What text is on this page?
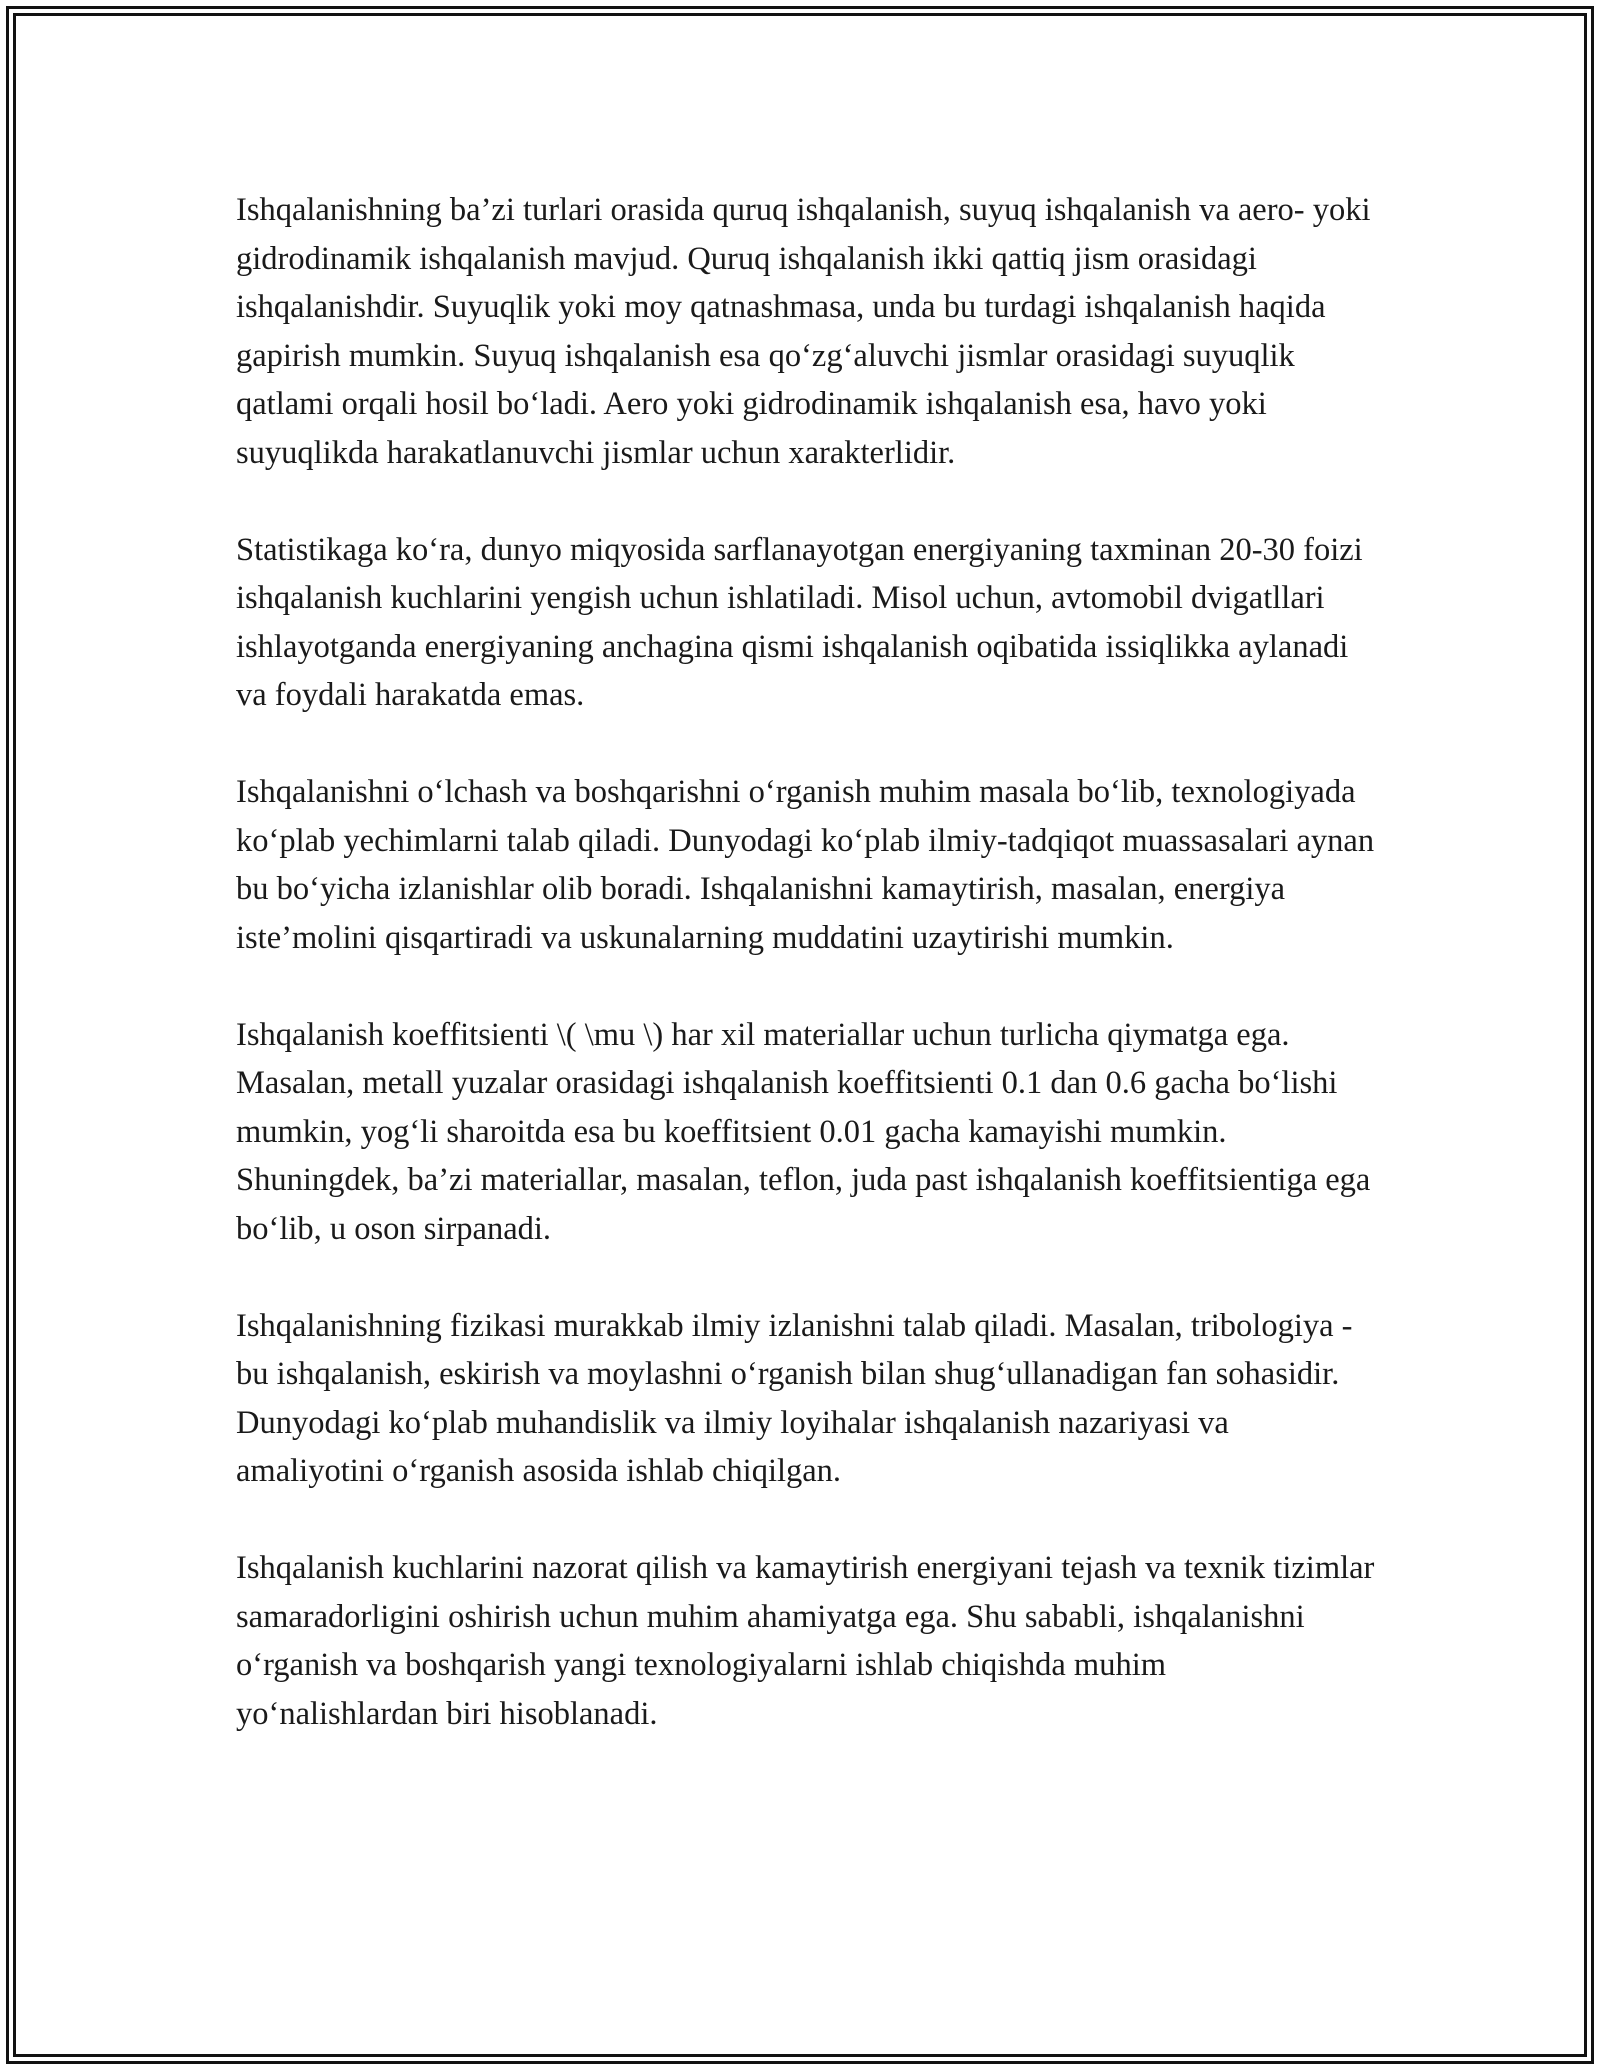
Ishqalanishning ba’zi turlari orasida quruq ishqalanish, suyuq ishqalanish va aero- yoki gidrodinamik ishqalanish mavjud. Quruq ishqalanish ikki qattiq jism orasidagi ishqalanishdir. Suyuqlik yoki moy qatnashmasa, unda bu turdagi ishqalanish haqida gapirish mumkin. Suyuq ishqalanish esa qo‘zg‘aluvchi jismlar orasidagi suyuqlik qatlami orqali hosil bo‘ladi. Aero yoki gidrodinamik ishqalanish esa, havo yoki suyuqlikda harakatlanuvchi jismlar uchun xarakterlidir.

Statistikaga ko‘ra, dunyo miqyosida sarflanayotgan energiyaning taxminan 20-30 foizi ishqalanish kuchlarini yengish uchun ishlatiladi. Misol uchun, avtomobil dvigatllari ishlayotganda energiyaning anchagina qismi ishqalanish oqibatida issiqlikka aylanadi va foydali harakatda emas.

Ishqalanishni o‘lchash va boshqarishni o‘rganish muhim masala bo‘lib, texnologiyada ko‘plab yechimlarni talab qiladi. Dunyodagi ko‘plab ilmiy-tadqiqot muassasalari aynan bu bo‘yicha izlanishlar olib boradi. Ishqalanishni kamaytirish, masalan, energiya iste’molini qisqartiradi va uskunalarning muddatini uzaytirishi mumkin.

Ishqalanish koeffitsienti \( \mu \) har xil materiallar uchun turlicha qiymatga ega. Masalan, metall yuzalar orasidagi ishqalanish koeffitsienti 0.1 dan 0.6 gacha bo‘lishi mumkin, yog‘li sharoitda esa bu koeffitsient 0.01 gacha kamayishi mumkin. Shuningdek, ba’zi materiallar, masalan, teflon, juda past ishqalanish koeffitsientiga ega bo‘lib, u oson sirpanadi.

Ishqalanishning fizikasi murakkab ilmiy izlanishni talab qiladi. Masalan, tribologiya - bu ishqalanish, eskirish va moylashni o‘rganish bilan shug‘ullanadigan fan sohasidir. Dunyodagi ko‘plab muhandislik va ilmiy loyihalar ishqalanish nazariyasi va amaliyotini o‘rganish asosida ishlab chiqilgan.

Ishqalanish kuchlarini nazorat qilish va kamaytirish energiyani tejash va texnik tizimlar samaradorligini oshirish uchun muhim ahamiyatga ega. Shu sababli, ishqalanishni o‘rganish va boshqarish yangi texnologiyalarni ishlab chiqishda muhim yo‘nalishlardan biri hisoblanadi.
